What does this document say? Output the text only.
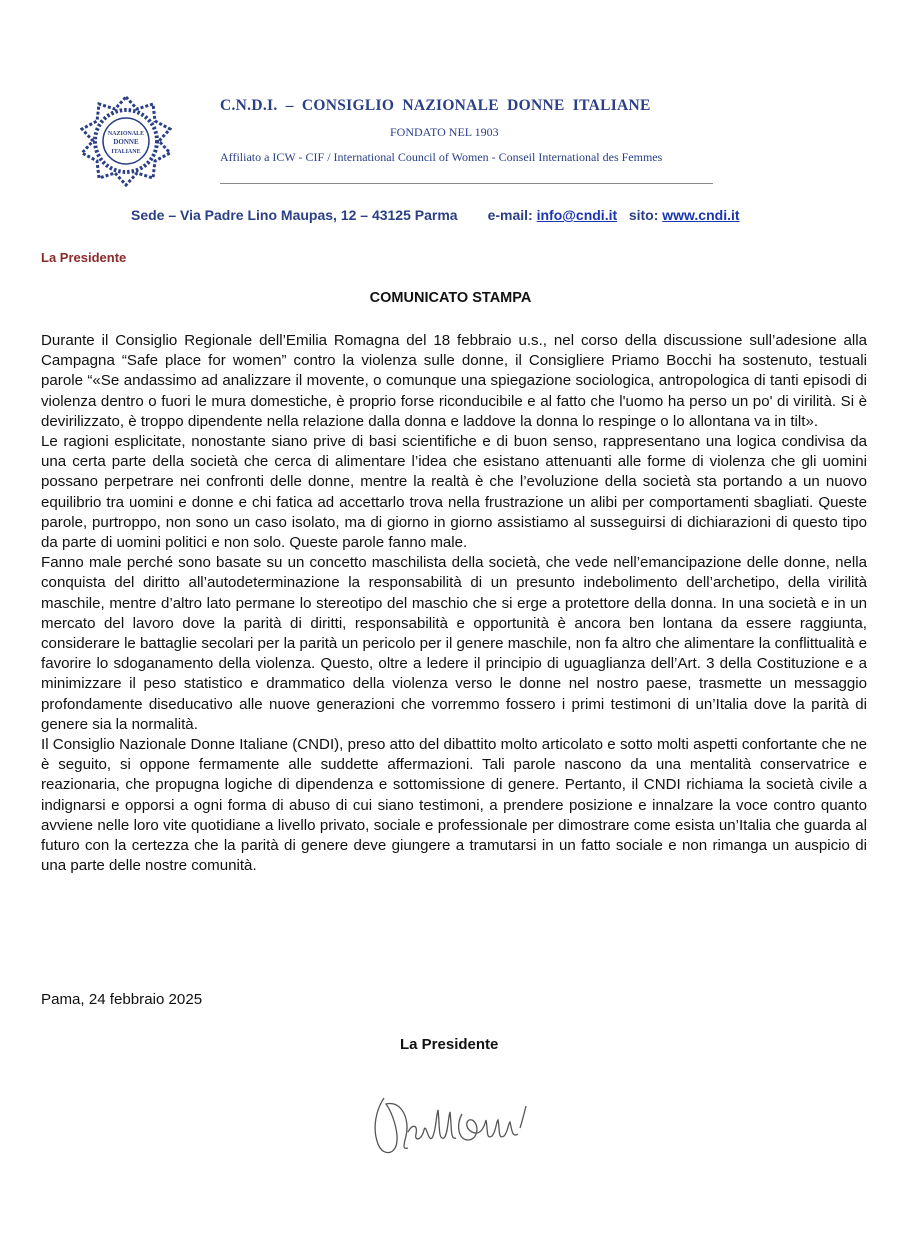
NAZIONALE
DONNE
ITALIANE
C.N.D.I. – CONSIGLIO NAZIONALE DONNE ITALIANE
FONDATO NEL 1903
Affiliato a ICW - CIF / International Council of Women - Conseil International des Femmes
Sede – Via Padre Lino Maupas, 12 – 43125 Parma e-mail: info@cndi.it sito: www.cndi.it
La Presidente
COMUNICATO STAMPA

Durante il Consiglio Regionale dell’Emilia Romagna del 18 febbraio u.s., nel corso della discussione sull’adesione alla Campagna “Safe place for women” contro la violenza sulle donne, il Consigliere Priamo Bocchi ha sostenuto, testuali parole “«Se andassimo ad analizzare il movente, o comunque una spiegazione sociologica, antropologica di tanti episodi di violenza dentro o fuori le mura domestiche, è proprio forse riconducibile e al fatto che l'uomo ha perso un po' di virilità. Si è devirilizzato, è troppo dipendente nella relazione dalla donna e laddove la donna lo respinge o lo allontana va in tilt».

Le ragioni esplicitate, nonostante siano prive di basi scientifiche e di buon senso, rappresentano una logica condivisa da una certa parte della società che cerca di alimentare l’idea che esistano attenuanti alle forme di violenza che gli uomini possano perpetrare nei confronti delle donne, mentre la realtà è che l’evoluzione della società sta portando a un nuovo equilibrio tra uomini e donne e chi fatica ad accettarlo trova nella frustrazione un alibi per comportamenti sbagliati. Queste parole, purtroppo, non sono un caso isolato, ma di giorno in giorno assistiamo al susseguirsi di dichiarazioni di questo tipo da parte di uomini politici e non solo. Queste parole fanno male.

Fanno male perché sono basate su un concetto maschilista della società, che vede nell’emancipazione delle donne, nella conquista del diritto all’autodeterminazione la responsabilità di un presunto indebolimento dell’archetipo, della virilità maschile, mentre d’altro lato permane lo stereotipo del maschio che si erge a protettore della donna. In una società e in un mercato del lavoro dove la parità di diritti, responsabilità e opportunità è ancora ben lontana da essere raggiunta, considerare le battaglie secolari per la parità un pericolo per il genere maschile, non fa altro che alimentare la conflittualità e favorire lo sdoganamento della violenza. Questo, oltre a ledere il principio di uguaglianza dell’Art. 3 della Costituzione e a minimizzare il peso statistico e drammatico della violenza verso le donne nel nostro paese, trasmette un messaggio profondamente diseducativo alle nuove generazioni che vorremmo fossero i primi testimoni di un’Italia dove la parità di genere sia la normalità.

Il Consiglio Nazionale Donne Italiane (CNDI), preso atto del dibattito molto articolato e sotto molti aspetti confortante che ne è seguito, si oppone fermamente alle suddette affermazioni. Tali parole nascono da una mentalità conservatrice e reazionaria, che propugna logiche di dipendenza e sottomissione di genere. Pertanto, il CNDI richiama la società civile a indignarsi e opporsi a ogni forma di abuso di cui siano testimoni, a prendere posizione e innalzare la voce contro quanto avviene nelle loro vite quotidiane a livello privato, sociale e professionale per dimostrare come esista un’Italia che guarda al futuro con la certezza che la parità di genere deve giungere a tramutarsi in un fatto sociale e non rimanga un auspicio di una parte delle nostre comunità.

Pama, 24 febbraio 2025
La Presidente
